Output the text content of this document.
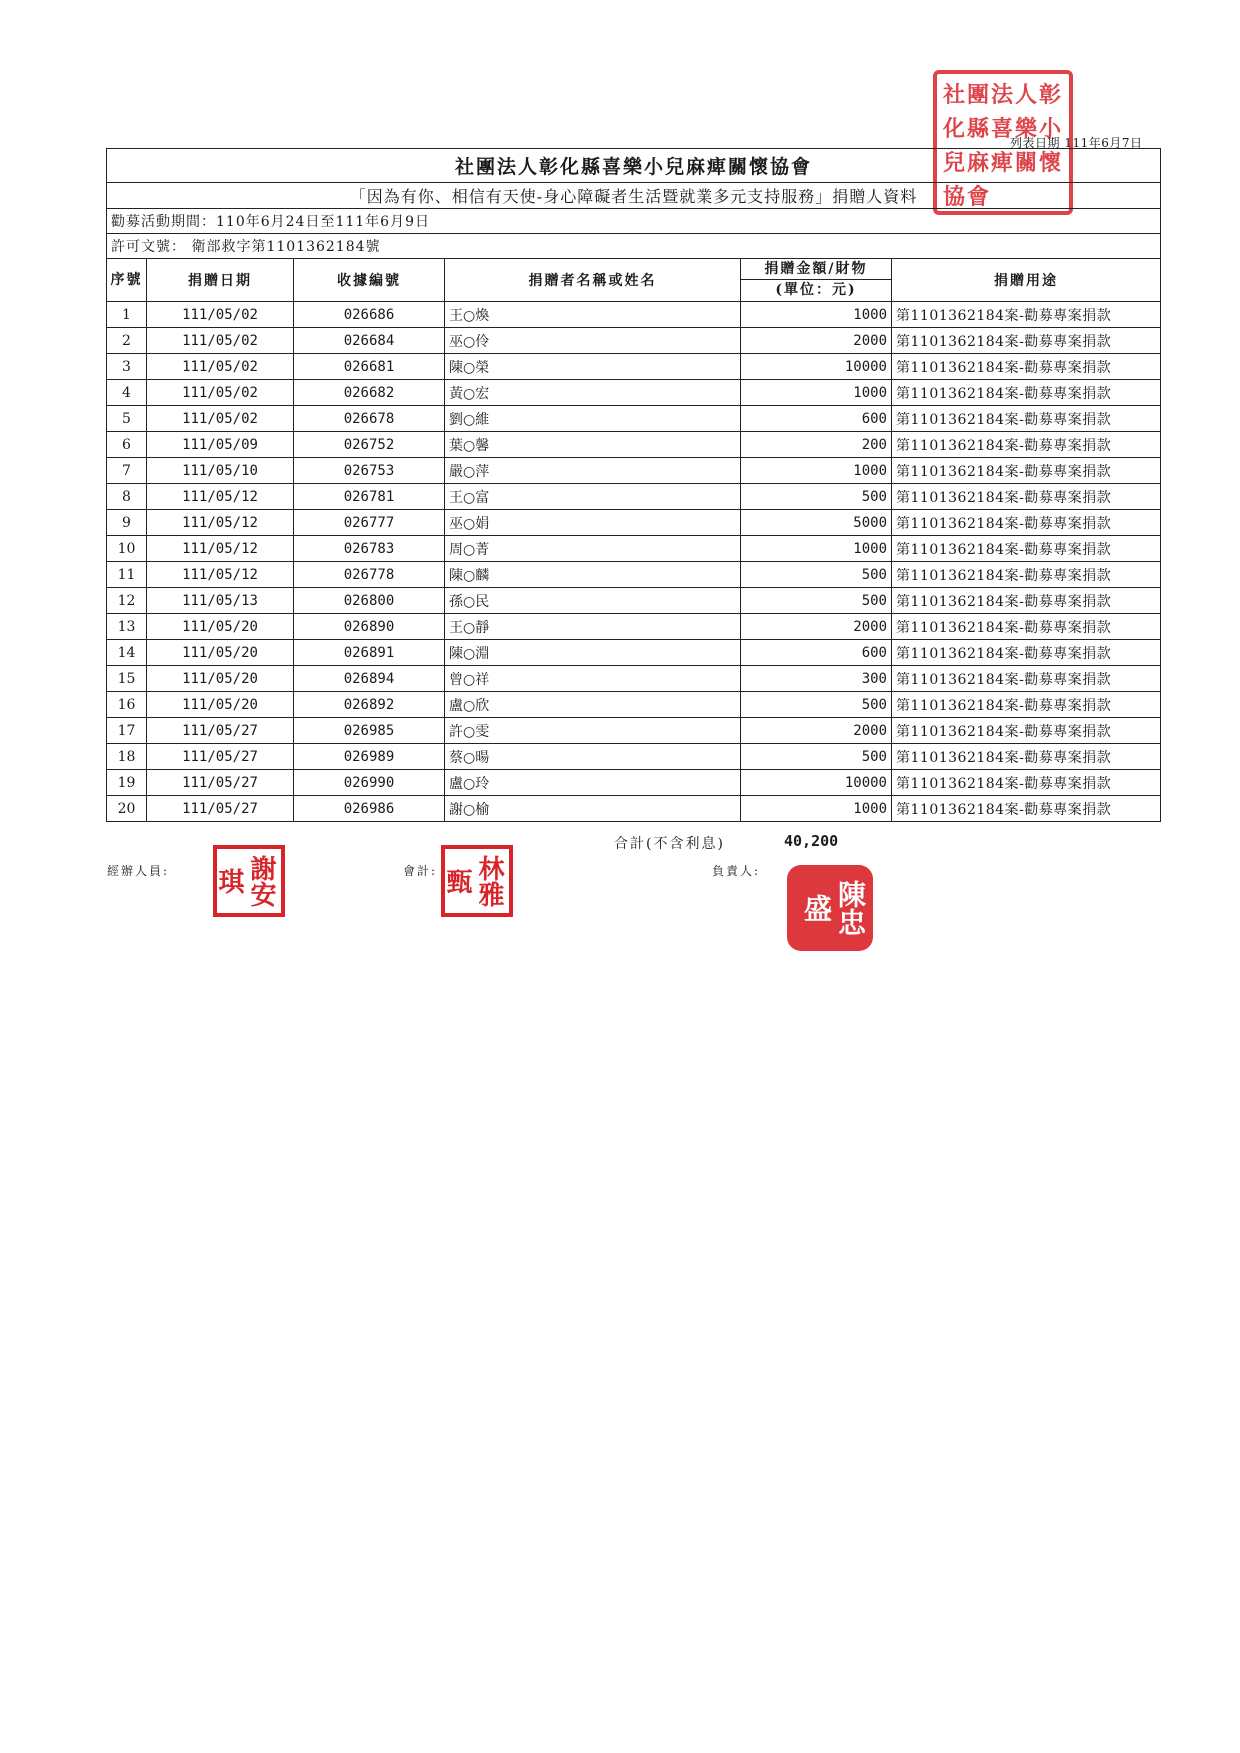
社團法人彰化縣喜樂小兒麻痺關懷協會
列表日期 111年6月7日
社團法人彰化縣喜樂小兒麻痺關懷協會					
「因為有你、相信有天使-身心障礙者生活暨就業多元支持服務」捐贈人資料					
勸募活動期間：110年6月24日至111年6月9日					
許可文號： 衛部救字第1101362184號					
序號	捐贈日期	收據編號	捐贈者名稱或姓名	捐贈金額/財物
(單位：元)	捐贈用途
1	111/05/02	026686	王○煥	1000	第1101362184案-勸募專案捐款
2	111/05/02	026684	巫○伶	2000	第1101362184案-勸募專案捐款
3	111/05/02	026681	陳○榮	10000	第1101362184案-勸募專案捐款
4	111/05/02	026682	黃○宏	1000	第1101362184案-勸募專案捐款
5	111/05/02	026678	劉○維	600	第1101362184案-勸募專案捐款
6	111/05/09	026752	葉○馨	200	第1101362184案-勸募專案捐款
7	111/05/10	026753	嚴○萍	1000	第1101362184案-勸募專案捐款
8	111/05/12	026781	王○富	500	第1101362184案-勸募專案捐款
9	111/05/12	026777	巫○娟	5000	第1101362184案-勸募專案捐款
10	111/05/12	026783	周○菁	1000	第1101362184案-勸募專案捐款
11	111/05/12	026778	陳○麟	500	第1101362184案-勸募專案捐款
12	111/05/13	026800	孫○民	500	第1101362184案-勸募專案捐款
13	111/05/20	026890	王○靜	2000	第1101362184案-勸募專案捐款
14	111/05/20	026891	陳○淵	600	第1101362184案-勸募專案捐款
15	111/05/20	026894	曾○祥	300	第1101362184案-勸募專案捐款
16	111/05/20	026892	盧○欣	500	第1101362184案-勸募專案捐款
17	111/05/27	026985	許○雯	2000	第1101362184案-勸募專案捐款
18	111/05/27	026989	蔡○暘	500	第1101362184案-勸募專案捐款
19	111/05/27	026990	盧○玲	10000	第1101362184案-勸募專案捐款
20	111/05/27	026986	謝○榆	1000	第1101362184案-勸募專案捐款
合計(不含利息)	40,200
經辦人員:	謝安琪	會計:	林雅甄	負責人:
陳忠盛
